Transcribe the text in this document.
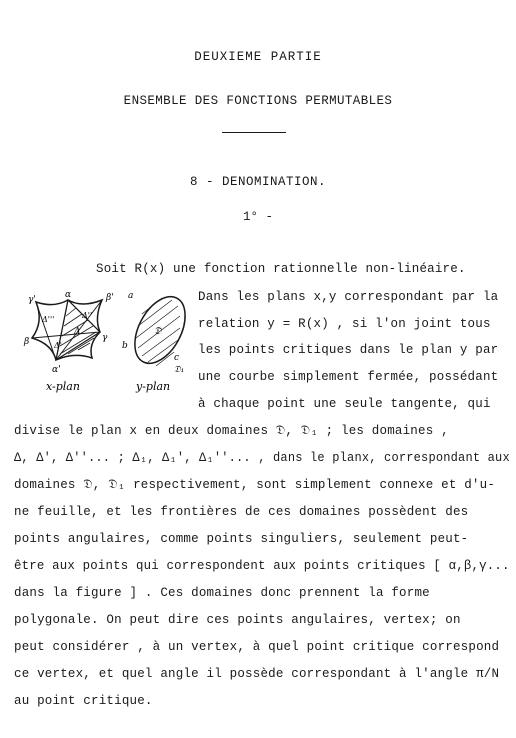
DEUXIEME PARTIE
ENSEMBLE DES FONCTIONS PERMUTABLES
8 - DENOMINATION.
1° -
γ'	α	β'
Δ'''	Δ''
Δ
γ
β	Δ'
α'
x-plan
a
b
c
𝔇
𝔇₁
y-plan
Soit R(x) une fonction rationnelle non-linéaire.
Dans les plans x,y correspondant par la
relation y = R(x) , si l'on joint tous
les points critiques dans le plan y par
une courbe simplement fermée, possédant
à chaque point une seule tangente, qui
divise le plan x en deux domaines 𝔇, 𝔇₁ ; les domaines ,
Δ, Δ', Δ''... ; Δ₁, Δ₁', Δ₁''... , dans le planx, correspondant aux
domaines 𝔇, 𝔇₁ respectivement, sont simplement connexe et d'u-
ne feuille, et les frontières de ces domaines possèdent des
points angulaires, comme points singuliers, seulement peut-
être aux points qui correspondent aux points critiques [ α,β,γ...
dans la figure ] . Ces domaines donc prennent la forme
polygonale. On peut dire ces points angulaires, vertex; on
peut considérer , à un vertex, à quel point critique correspond
ce vertex, et quel angle il possède correspondant à l'angle π/N
au point critique.
